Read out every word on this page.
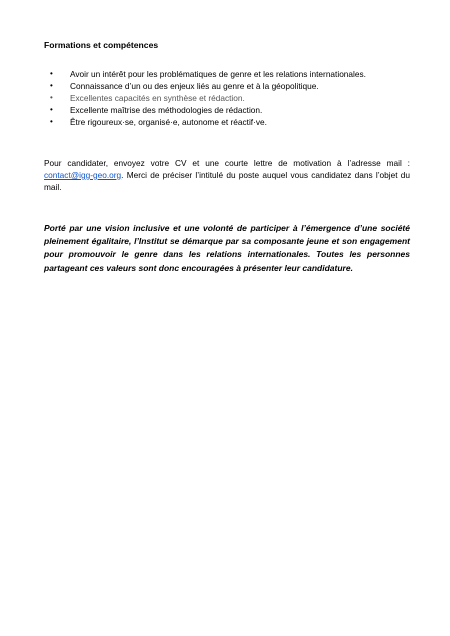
Formations et compétences
• Avoir un intérêt pour les problématiques de genre et les relations internationales.
• Connaissance d’un ou des enjeux liés au genre et à la géopolitique.
• Excellentes capacités en synthèse et rédaction.
• Excellente maîtrise des méthodologies de rédaction.
• Être rigoureux·se, organisé·e, autonome et réactif·ve.

Pour candidater, envoyez votre CV et une courte lettre de motivation à l’adresse mail : contact@igg-geo.org. Merci de préciser l’intitulé du poste auquel vous candidatez dans l’objet du mail.

Porté par une vision inclusive et une volonté de participer à l’émergence d’une société pleinement égalitaire, l’Institut se démarque par sa composante jeune et son engagement pour promouvoir le genre dans les relations internationales. Toutes les personnes partageant ces valeurs sont donc encouragées à présenter leur candidature.
